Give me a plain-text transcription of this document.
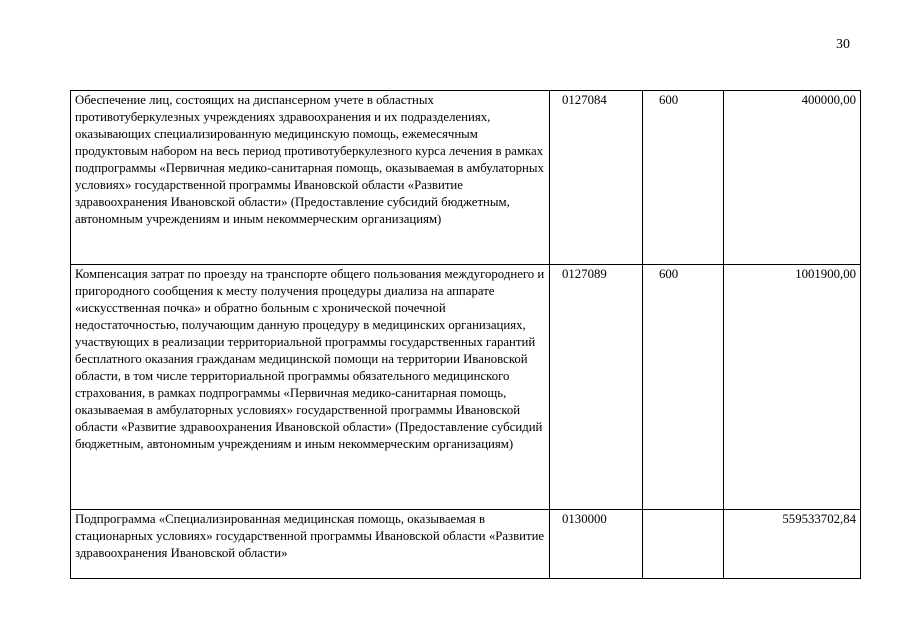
30
Обеспечение лиц, состоящих на диспансерном учете в областных противотуберкулезных учреждениях здравоохранения и их подразделениях, оказывающих специализированную медицинскую помощь, ежемесячным продуктовым набором на весь период противотуберкулезного курса лечения в рамках подпрограммы «Первичная медико-санитарная помощь, оказываемая в амбулаторных условиях» государственной программы Ивановской области «Развитие здравоохранения Ивановской области» (Предоставление субсидий бюджетным, автономным учреждениям и иным некоммерческим организациям)	0127084	600	400000,00

Компенсация затрат по проезду на транспорте общего пользования междугороднего и пригородного сообщения к месту получения процедуры диализа на аппарате «искусственная почка» и обратно больным с хронической почечной недостаточностью, получающим данную процедуру в медицинских организациях, участвующих в реализации территориальной программы государственных гарантий бесплатного оказания гражданам медицинской помощи на территории Ивановской области, в том числе территориальной программы обязательного медицинского страхования, в рамках подпрограммы «Первичная медико-санитарная помощь, оказываемая в амбулаторных условиях» государственной программы Ивановской области «Развитие здравоохранения Ивановской области» (Предоставление субсидий бюджетным, автономным учреждениям и иным некоммерческим организациям)	0127089	600	1001900,00

Подпрограмма «Специализированная медицинская помощь, оказываемая в стационарных условиях» государственной программы Ивановской области «Развитие здравоохранения Ивановской области»	0130000		559533702,84
